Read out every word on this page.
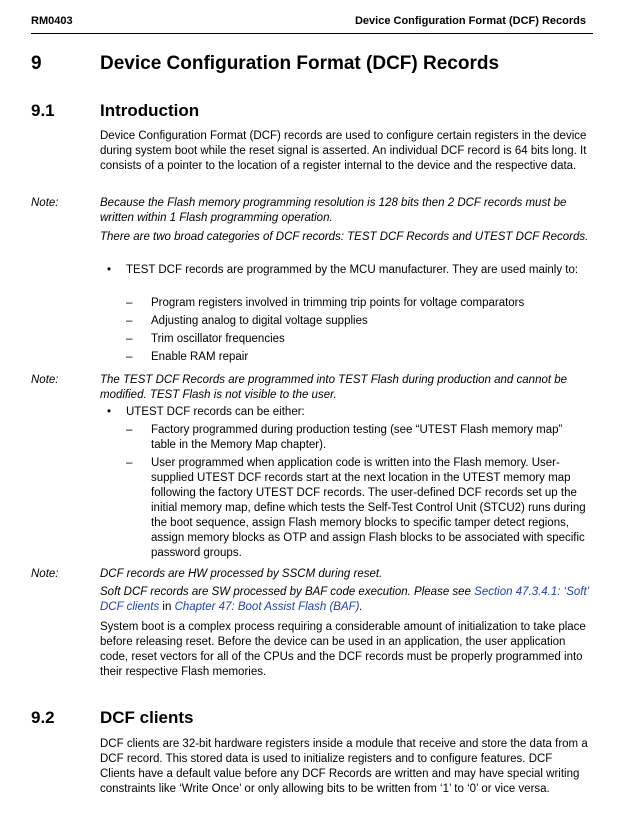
RM0403	Device Configuration Format (DCF) Records
9	Device Configuration Format (DCF) Records
9.1	Introduction
Device Configuration Format (DCF) records are used to configure certain registers in the device during system boot while the reset signal is asserted. An individual DCF record is 64 bits long. It consists of a pointer to the location of a register internal to the device and the respective data.
Note:	Because the Flash memory programming resolution is 128 bits then 2 DCF records must be written within 1 Flash programming operation.
There are two broad categories of DCF records: TEST DCF Records and UTEST DCF Records.
• TEST DCF records are programmed by the MCU manufacturer. They are used mainly to:
– Program registers involved in trimming trip points for voltage comparators
– Adjusting analog to digital voltage supplies
– Trim oscillator frequencies
– Enable RAM repair
Note:	The TEST DCF Records are programmed into TEST Flash during production and cannot be modified. TEST Flash is not visible to the user.
• UTEST DCF records can be either:
– Factory programmed during production testing (see “UTEST Flash memory map” table in the Memory Map chapter).
– User programmed when application code is written into the Flash memory. User-supplied UTEST DCF records start at the next location in the UTEST memory map following the factory UTEST DCF records. The user-defined DCF records set up the initial memory map, define which tests the Self-Test Control Unit (STCU2) runs during the boot sequence, assign Flash memory blocks to specific tamper detect regions, assign memory blocks as OTP and assign Flash blocks to be associated with specific password groups.
Note:	DCF records are HW processed by SSCM during reset.
Soft DCF records are SW processed by BAF code execution. Please see Section 47.3.4.1: ‘Soft’ DCF clients in Chapter 47: Boot Assist Flash (BAF).
System boot is a complex process requiring a considerable amount of initialization to take place before releasing reset. Before the device can be used in an application, the user application code, reset vectors for all of the CPUs and the DCF records must be properly programmed into their respective Flash memories.
9.2	DCF clients
DCF clients are 32-bit hardware registers inside a module that receive and store the data from a DCF record. This stored data is used to initialize registers and to configure features. DCF Clients have a default value before any DCF Records are written and may have special writing constraints like ‘Write Once’ or only allowing bits to be written from ‘1’ to ‘0’ or vice versa.
